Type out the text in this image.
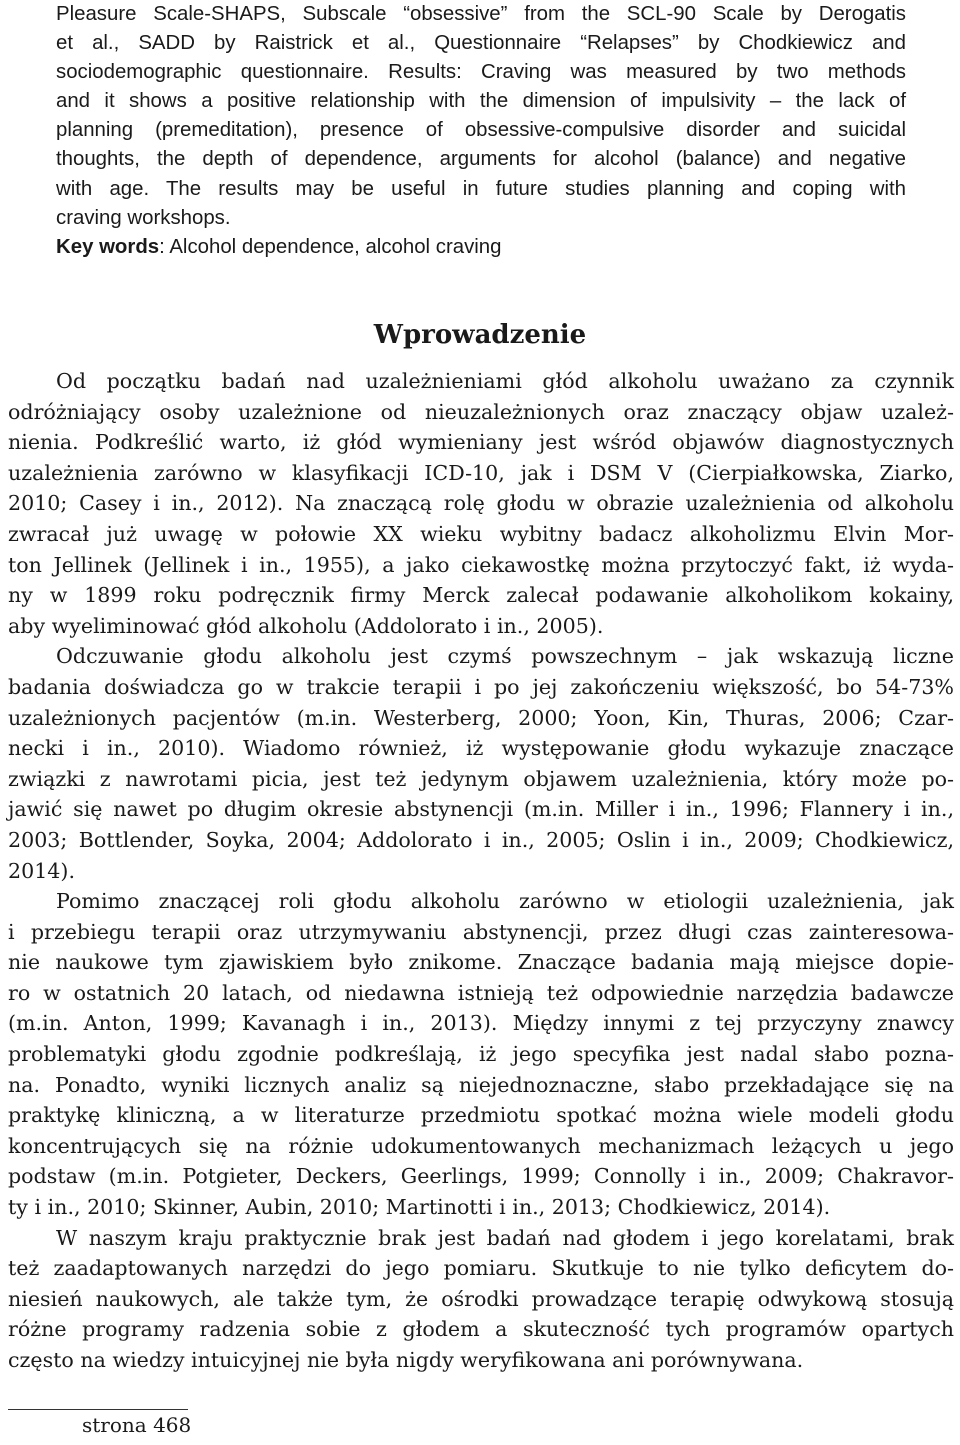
Pleasure Scale-SHAPS, Subscale “obsessive” from the SCL-90 Scale by Derogatis
et al., SADD by Raistrick et al., Questionnaire “Relapses” by Chodkiewicz and
sociodemographic questionnaire. Results: Craving was measured by two methods
and it shows a positive relationship with the dimension of impulsivity – the lack of
planning (premeditation), presence of obsessive-compulsive disorder and suicidal
thoughts, the depth of dependence, arguments for alcohol (balance) and negative
with age. The results may be useful in future studies planning and coping with
craving workshops.
Key words: Alcohol dependence, alcohol craving
Wprowadzenie
Od początku badań nad uzależnieniami głód alkoholu uważano za czynnik
odróżniający osoby uzależnione od nieuzależnionych oraz znaczący objaw uzależ-
nienia. Podkreślić warto, iż głód wymieniany jest wśród objawów diagnostycznych
uzależnienia zarówno w klasyfikacji ICD-10, jak i DSM V (Cierpiałkowska, Ziarko,
2010; Casey i in., 2012). Na znaczącą rolę głodu w obrazie uzależnienia od alkoholu
zwracał już uwagę w połowie XX wieku wybitny badacz alkoholizmu Elvin Mor-
ton Jellinek (Jellinek i in., 1955), a jako ciekawostkę można przytoczyć fakt, iż wyda-
ny w 1899 roku podręcznik firmy Merck zalecał podawanie alkoholikom kokainy,
aby wyeliminować głód alkoholu (Addolorato i in., 2005).
Odczuwanie głodu alkoholu jest czymś powszechnym – jak wskazują liczne
badania doświadcza go w trakcie terapii i po jej zakończeniu większość, bo 54-73%
uzależnionych pacjentów (m.in. Westerberg, 2000; Yoon, Kin, Thuras, 2006; Czar-
necki i in., 2010). Wiadomo również, iż występowanie głodu wykazuje znaczące
związki z nawrotami picia, jest też jedynym objawem uzależnienia, który może po-
jawić się nawet po długim okresie abstynencji (m.in. Miller i in., 1996; Flannery i in.,
2003; Bottlender, Soyka, 2004; Addolorato i in., 2005; Oslin i in., 2009; Chodkiewicz,
2014).
Pomimo znaczącej roli głodu alkoholu zarówno w etiologii uzależnienia, jak
i przebiegu terapii oraz utrzymywaniu abstynencji, przez długi czas zainteresowa-
nie naukowe tym zjawiskiem było znikome. Znaczące badania mają miejsce dopie-
ro w ostatnich 20 latach, od niedawna istnieją też odpowiednie narzędzia badawcze
(m.in. Anton, 1999; Kavanagh i in., 2013). Między innymi z tej przyczyny znawcy
problematyki głodu zgodnie podkreślają, iż jego specyfika jest nadal słabo pozna-
na. Ponadto, wyniki licznych analiz są niejednoznaczne, słabo przekładające się na
praktykę kliniczną, a w literaturze przedmiotu spotkać można wiele modeli głodu
koncentrujących się na różnie udokumentowanych mechanizmach leżących u jego
podstaw (m.in. Potgieter, Deckers, Geerlings, 1999; Connolly i in., 2009; Chakravor-
ty i in., 2010; Skinner, Aubin, 2010; Martinotti i in., 2013; Chodkiewicz, 2014).
W naszym kraju praktycznie brak jest badań nad głodem i jego korelatami, brak
też zaadaptowanych narzędzi do jego pomiaru. Skutkuje to nie tylko deficytem do-
niesień naukowych, ale także tym, że ośrodki prowadzące terapię odwykową stosują
różne programy radzenia sobie z głodem a skuteczność tych programów opartych
często na wiedzy intuicyjnej nie była nigdy weryfikowana ani porównywana.
strona 468
